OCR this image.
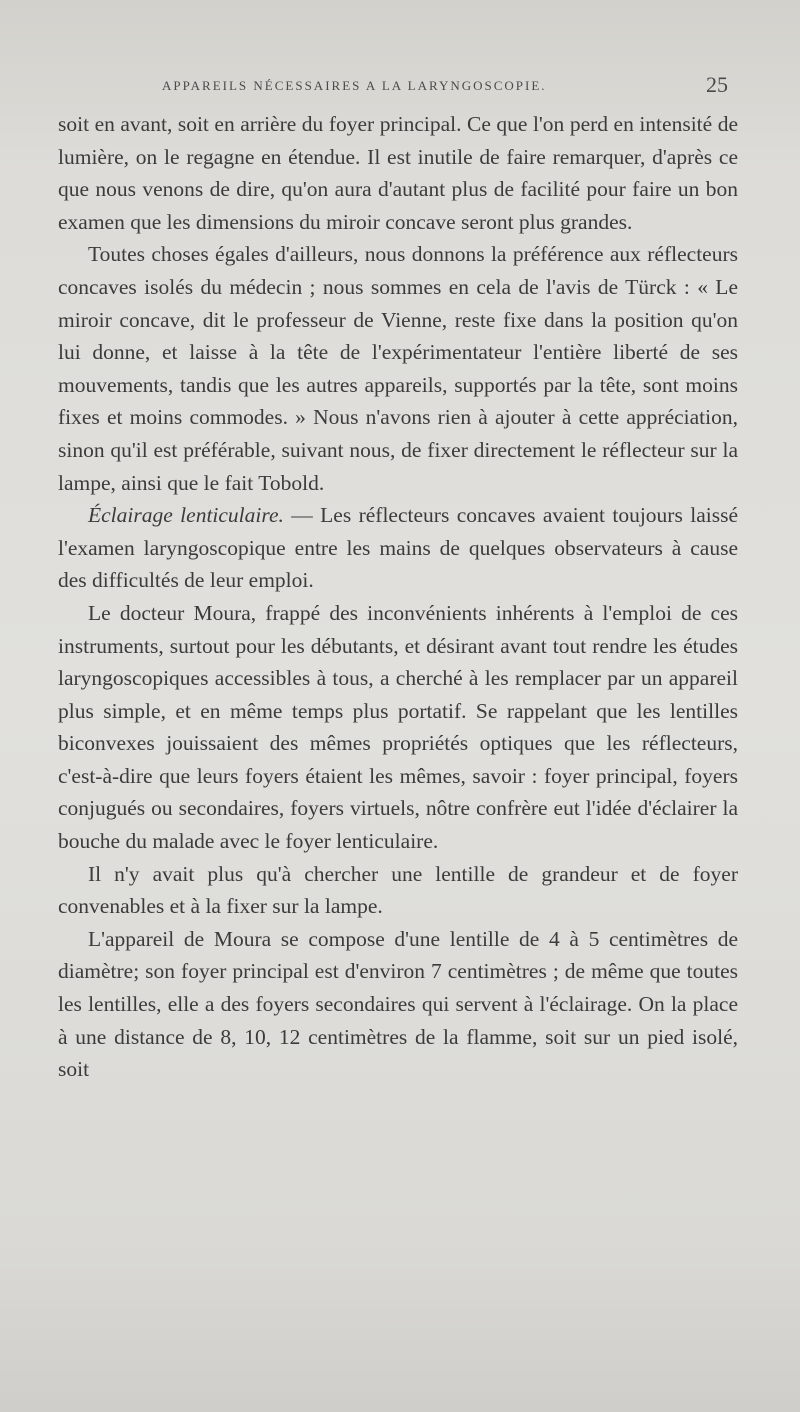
APPAREILS NÉCESSAIRES A LA LARYNGOSCOPIE.	25

soit en avant, soit en arrière du foyer principal. Ce que l'on perd en intensité de lumière, on le regagne en étendue. Il est inutile de faire remarquer, d'après ce que nous venons de dire, qu'on aura d'autant plus de facilité pour faire un bon examen que les dimensions du miroir concave seront plus grandes.

Toutes choses égales d'ailleurs, nous donnons la préférence aux réflecteurs concaves isolés du médecin ; nous sommes en cela de l'avis de Türck : « Le miroir concave, dit le professeur de Vienne, reste fixe dans la position qu'on lui donne, et laisse à la tête de l'expérimentateur l'entière liberté de ses mouvements, tandis que les autres appareils, supportés par la tête, sont moins fixes et moins commodes. » Nous n'avons rien à ajouter à cette appréciation, sinon qu'il est préférable, suivant nous, de fixer directement le réflecteur sur la lampe, ainsi que le fait Tobold.

Éclairage lenticulaire. — Les réflecteurs concaves avaient toujours laissé l'examen laryngoscopique entre les mains de quelques observateurs à cause des difficultés de leur emploi.

Le docteur Moura, frappé des inconvénients inhérents à l'emploi de ces instruments, surtout pour les débutants, et désirant avant tout rendre les études laryngoscopiques accessibles à tous, a cherché à les remplacer par un appareil plus simple, et en même temps plus portatif. Se rappelant que les lentilles biconvexes jouissaient des mêmes propriétés optiques que les réflecteurs, c'est-à-dire que leurs foyers étaient les mêmes, savoir : foyer principal, foyers conjugués ou secondaires, foyers virtuels, nôtre confrère eut l'idée d'éclairer la bouche du malade avec le foyer lenticulaire.

Il n'y avait plus qu'à chercher une lentille de grandeur et de foyer convenables et à la fixer sur la lampe.

L'appareil de Moura se compose d'une lentille de 4 à 5 centimètres de diamètre; son foyer principal est d'environ 7 centimètres ; de même que toutes les lentilles, elle a des foyers secondaires qui servent à l'éclairage. On la place à une distance de 8, 10, 12 centimètres de la flamme, soit sur un pied isolé, soit
